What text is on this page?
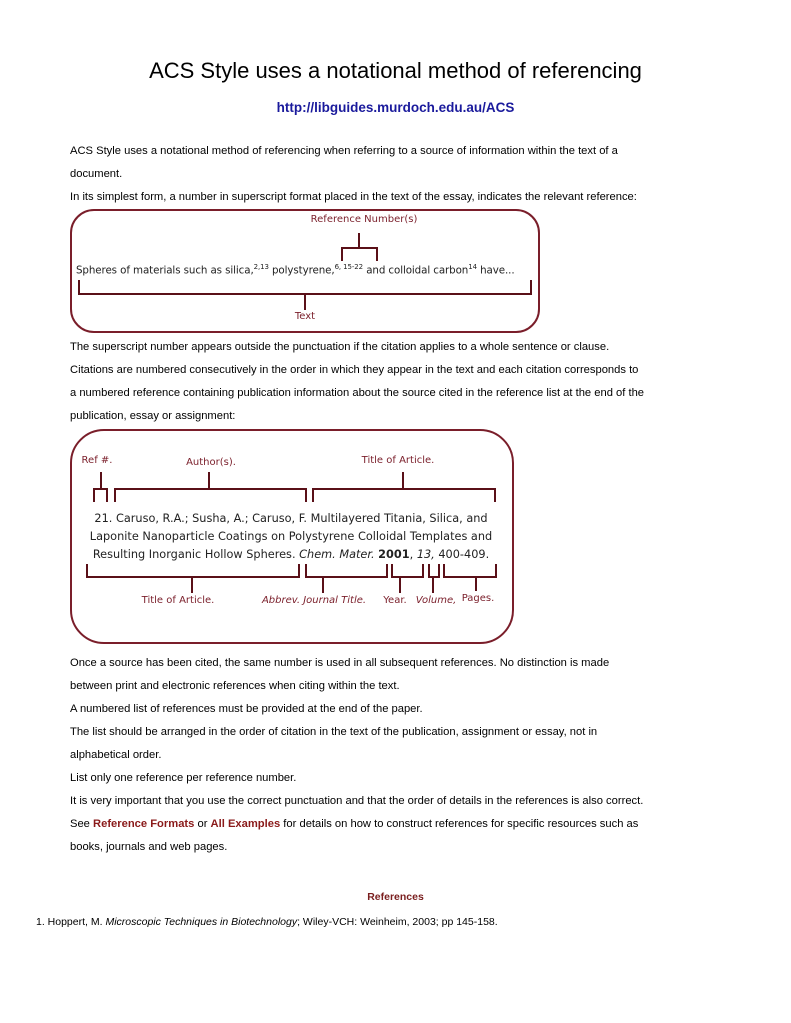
ACS Style uses a notational method of referencing
http://libguides.murdoch.edu.au/ACS
ACS Style uses a notational method of referencing when referring to a source of information within the text of a
document.
In its simplest form, a number in superscript format placed in the text of the essay, indicates the relevant reference:
Reference Number(s)
Spheres of materials such as silica,$^{2,13}$ polystyrene,$^{6, 15-22}$ and colloidal carbon$^{14}$ have...
Text
The superscript number appears outside the punctuation if the citation applies to a whole sentence or clause.
Citations are numbered consecutively in the order in which they appear in the text and each citation corresponds to
a numbered reference containing publication information about the source cited in the reference list at the end of the
publication, essay or assignment:
Ref #.	Author(s).	Title of Article.
21. Caruso, R.A.; Susha, A.; Caruso, F. Multilayered Titania, Silica, and
Laponite Nanoparticle Coatings on Polystyrene Colloidal Templates and
Resulting Inorganic Hollow Spheres. Chem. Mater. 2001, 13, 400-409.
Title of Article.	Abbrev. Journal Title. Year. Volume, Pages.
Once a source has been cited, the same number is used in all subsequent references. No distinction is made
between print and electronic references when citing within the text.
A numbered list of references must be provided at the end of the paper.
The list should be arranged in the order of citation in the text of the publication, assignment or essay, not in
alphabetical order.
List only one reference per reference number.
It is very important that you use the correct punctuation and that the order of details in the references is also correct.
See Reference Formats or All Examples for details on how to construct references for specific resources such as
books, journals and web pages.
References
1. Hoppert, M. Microscopic Techniques in Biotechnology; Wiley-VCH: Weinheim, 2003; pp 145-158.
